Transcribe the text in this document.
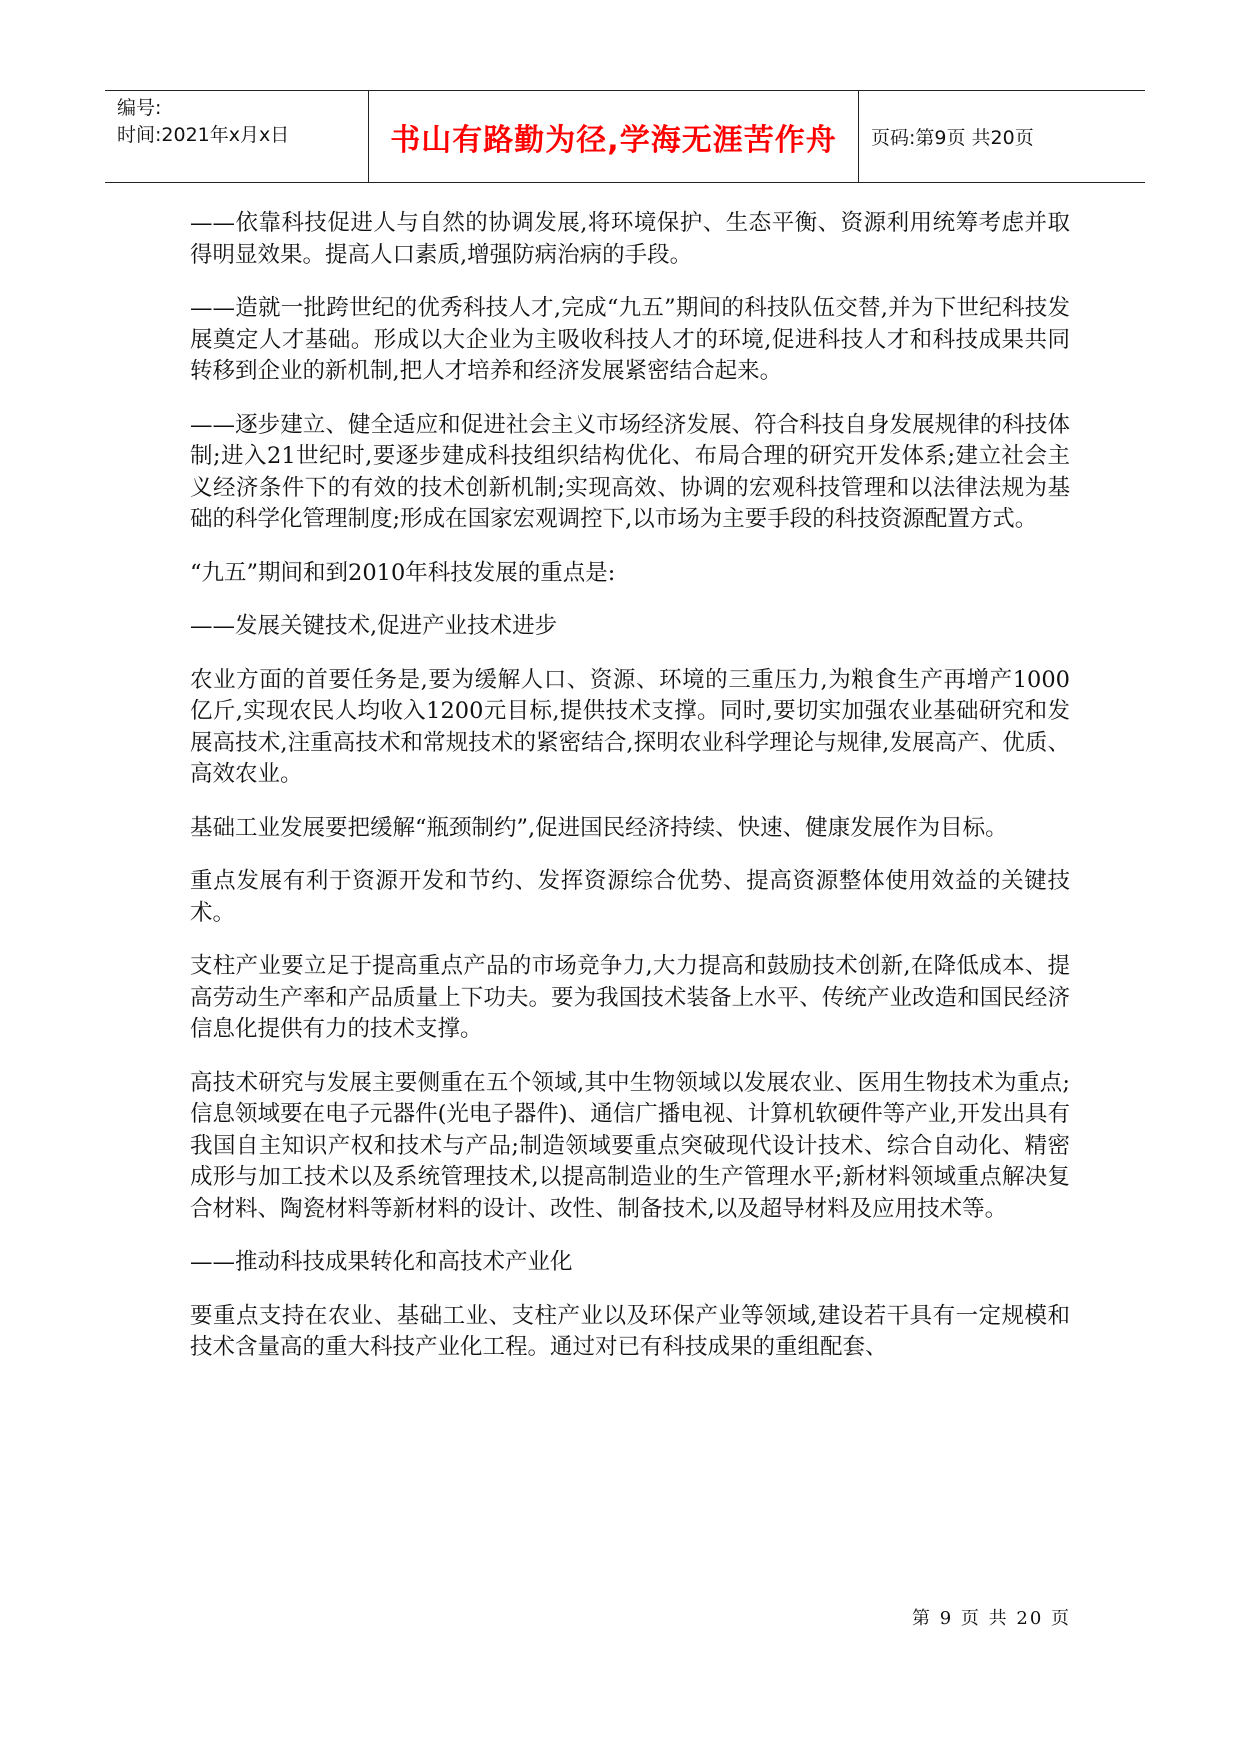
编号:
时间:2021年x月x日	书山有路勤为径,学海无涯苦作舟	页码:第9页 共20页

——依靠科技促进人与自然的协调发展,将环境保护、生态平衡、资源利用统筹考虑并取得明显效果。提高人口素质,增强防病治病的手段。

——造就一批跨世纪的优秀科技人才,完成“九五”期间的科技队伍交替,并为下世纪科技发展奠定人才基础。形成以大企业为主吸收科技人才的环境,促进科技人才和科技成果共同转移到企业的新机制,把人才培养和经济发展紧密结合起来。

——逐步建立、健全适应和促进社会主义市场经济发展、符合科技自身发展规律的科技体制;进入21世纪时,要逐步建成科技组织结构优化、布局合理的研究开发体系;建立社会主义经济条件下的有效的技术创新机制;实现高效、协调的宏观科技管理和以法律法规为基础的科学化管理制度;形成在国家宏观调控下,以市场为主要手段的科技资源配置方式。

“九五”期间和到2010年科技发展的重点是:

——发展关键技术,促进产业技术进步

农业方面的首要任务是,要为缓解人口、资源、环境的三重压力,为粮食生产再增产1000亿斤,实现农民人均收入1200元目标,提供技术支撑。同时,要切实加强农业基础研究和发展高技术,注重高技术和常规技术的紧密结合,探明农业科学理论与规律,发展高产、优质、高效农业。

基础工业发展要把缓解“瓶颈制约”,促进国民经济持续、快速、健康发展作为目标。

重点发展有利于资源开发和节约、发挥资源综合优势、提高资源整体使用效益的关键技术。

支柱产业要立足于提高重点产品的市场竞争力,大力提高和鼓励技术创新,在降低成本、提高劳动生产率和产品质量上下功夫。要为我国技术装备上水平、传统产业改造和国民经济信息化提供有力的技术支撑。

高技术研究与发展主要侧重在五个领域,其中生物领域以发展农业、医用生物技术为重点;信息领域要在电子元器件(光电子器件)、通信广播电视、计算机软硬件等产业,开发出具有我国自主知识产权和技术与产品;制造领域要重点突破现代设计技术、综合自动化、精密成形与加工技术以及系统管理技术,以提高制造业的生产管理水平;新材料领域重点解决复合材料、陶瓷材料等新材料的设计、改性、制备技术,以及超导材料及应用技术等。

——推动科技成果转化和高技术产业化

要重点支持在农业、基础工业、支柱产业以及环保产业等领域,建设若干具有一定规模和技术含量高的重大科技产业化工程。通过对已有科技成果的重组配套、

第 9 页 共 20 页
